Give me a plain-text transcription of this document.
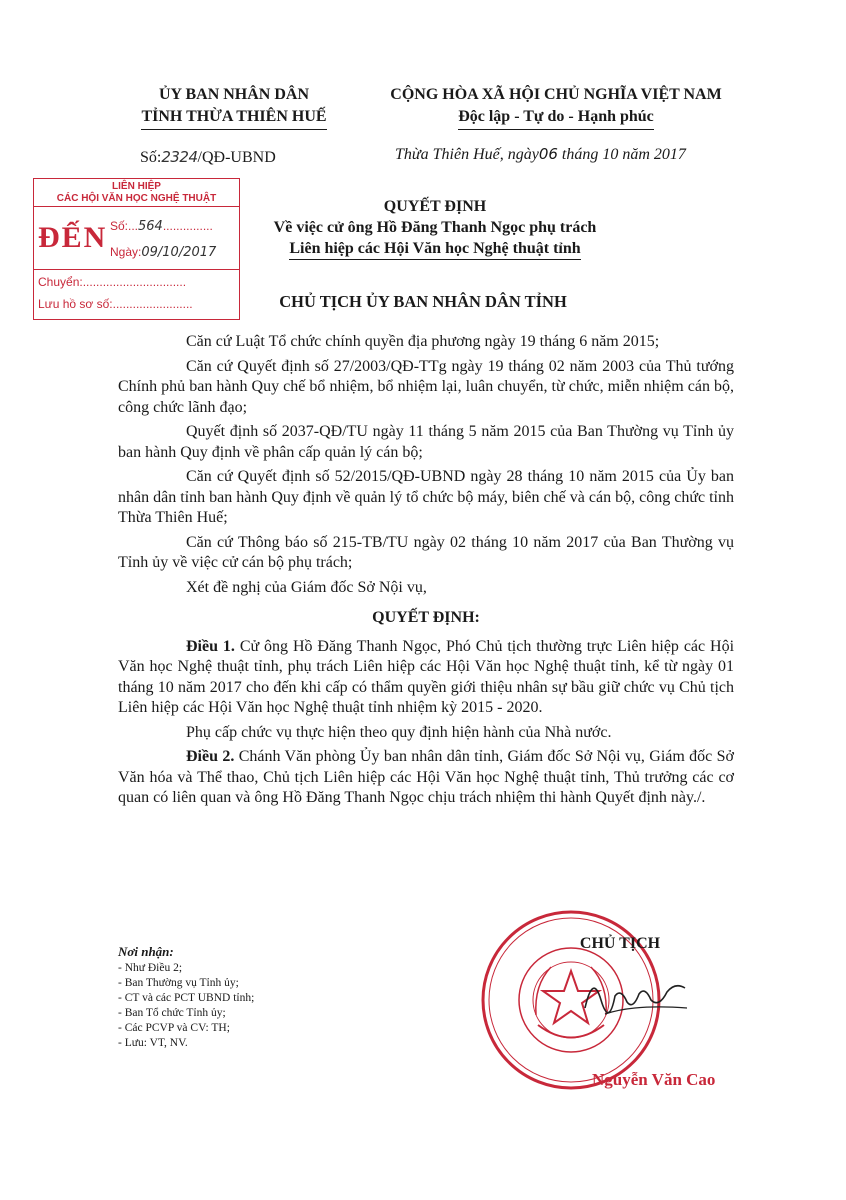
ỦY BAN NHÂN DÂN
TỈNH THỪA THIÊN HUẾ
CỘNG HÒA XÃ HỘI CHỦ NGHĨA VIỆT NAM
Độc lập - Tự do - Hạnh phúc
Số:2324/QĐ-UBND	Thừa Thiên Huế, ngày06 tháng 10 năm 2017
LIÊN HIỆP
CÁC HỘI VĂN HỌC NGHỆ THUẬT
ĐẾN Số:...564...............
Ngày:09/10/2017
Chuyển:...............................
Lưu hồ sơ số:........................
QUYẾT ĐỊNH
Về việc cử ông Hồ Đăng Thanh Ngọc phụ trách
Liên hiệp các Hội Văn học Nghệ thuật tỉnh
CHỦ TỊCH ỦY BAN NHÂN DÂN TỈNH

Căn cứ Luật Tổ chức chính quyền địa phương ngày 19 tháng 6 năm 2015;

Căn cứ Quyết định số 27/2003/QĐ-TTg ngày 19 tháng 02 năm 2003 của Thủ tướng Chính phủ ban hành Quy chế bổ nhiệm, bổ nhiệm lại, luân chuyển, từ chức, miễn nhiệm cán bộ, công chức lãnh đạo;

Quyết định số 2037-QĐ/TU ngày 11 tháng 5 năm 2015 của Ban Thường vụ Tỉnh ủy ban hành Quy định về phân cấp quản lý cán bộ;

Căn cứ Quyết định số 52/2015/QĐ-UBND ngày 28 tháng 10 năm 2015 của Ủy ban nhân dân tỉnh ban hành Quy định về quản lý tổ chức bộ máy, biên chế và cán bộ, công chức tỉnh Thừa Thiên Huế;

Căn cứ Thông báo số 215-TB/TU ngày 02 tháng 10 năm 2017 của Ban Thường vụ Tỉnh ủy về việc cử cán bộ phụ trách;

Xét đề nghị của Giám đốc Sở Nội vụ,

QUYẾT ĐỊNH:

Điều 1. Cử ông Hồ Đăng Thanh Ngọc, Phó Chủ tịch thường trực Liên hiệp các Hội Văn học Nghệ thuật tỉnh, phụ trách Liên hiệp các Hội Văn học Nghệ thuật tỉnh, kể từ ngày 01 tháng 10 năm 2017 cho đến khi cấp có thẩm quyền giới thiệu nhân sự bầu giữ chức vụ Chủ tịch Liên hiệp các Hội Văn học Nghệ thuật tỉnh nhiệm kỳ 2015 - 2020.

Phụ cấp chức vụ thực hiện theo quy định hiện hành của Nhà nước.

Điều 2. Chánh Văn phòng Ủy ban nhân dân tỉnh, Giám đốc Sở Nội vụ, Giám đốc Sở Văn hóa và Thể thao, Chủ tịch Liên hiệp các Hội Văn học Nghệ thuật tỉnh, Thủ trưởng các cơ quan có liên quan và ông Hồ Đăng Thanh Ngọc chịu trách nhiệm thi hành Quyết định này./.

Nơi nhận:
- Như Điều 2;
- Ban Thường vụ Tỉnh ủy;
- CT và các PCT UBND tỉnh;
- Ban Tổ chức Tỉnh ủy;
- Các PCVP và CV: TH;
- Lưu: VT, NV.
CHỦ TỊCH
Nguyễn Văn Cao
